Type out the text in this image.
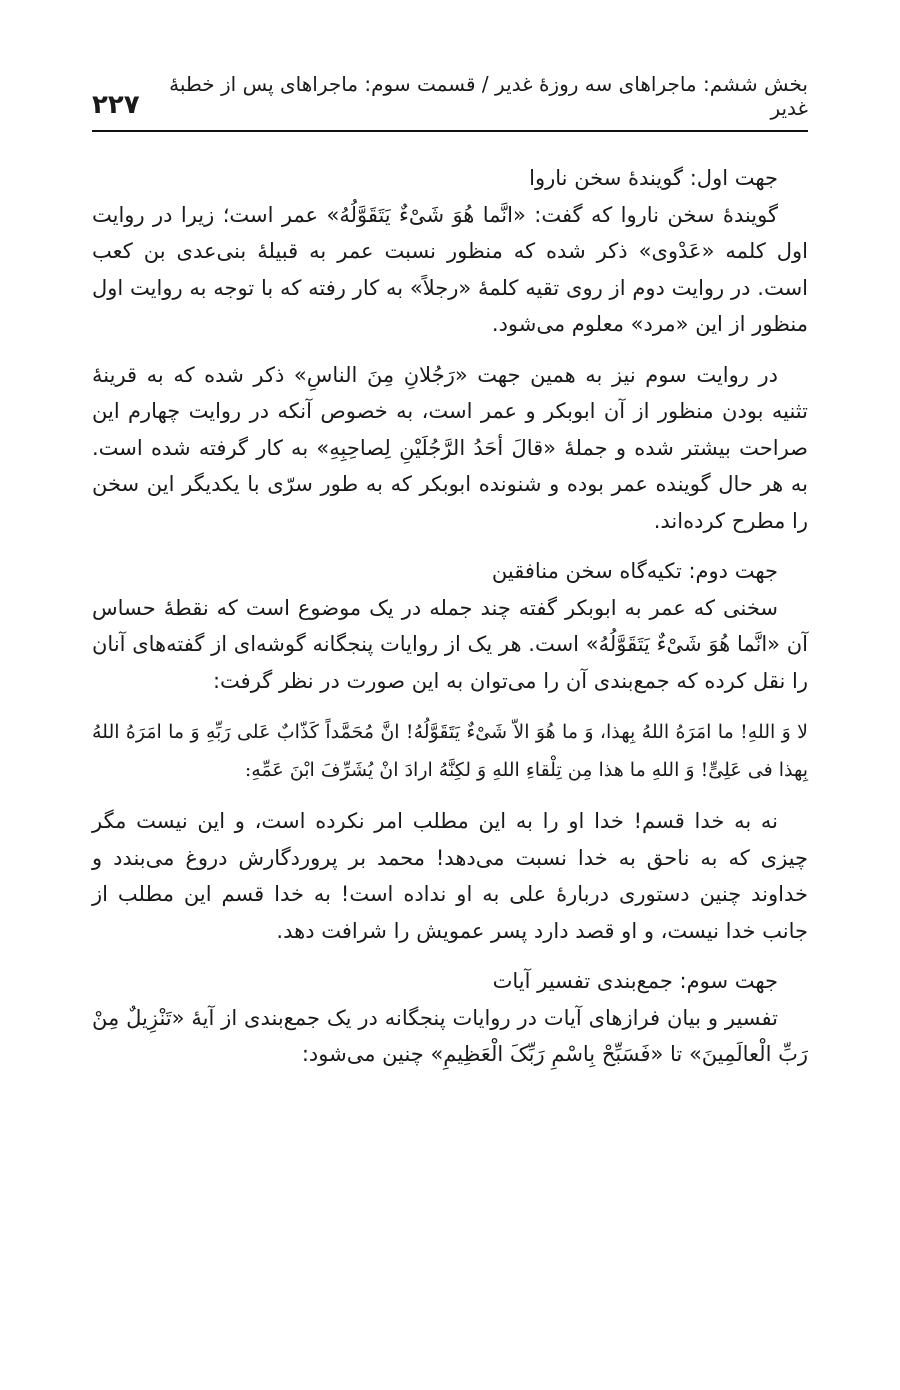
بخش ششم: ماجراهای سه روزهٔ غدیر / قسمت سوم: ماجراهای پس از خطبهٔ غدیر
۲۲۷
جهت اول: گویندهٔ سخن ناروا

گویندهٔ سخن ناروا که گفت: «انَّما هُوَ شَیْءٌ یَتَقَوَّلُهُ» عمر است؛ زیرا در روایت اول کلمه «عَدْوی» ذکر شده که منظور نسبت عمر به قبیلهٔ بنی‌عدی بن کعب است. در روایت دوم از روی تقیه کلمهٔ «رجلاً» به کار رفته که با توجه به روایت اول منظور از این «مرد» معلوم می‌شود.

در روایت سوم نیز به همین جهت «رَجُلانِ مِنَ الناسِ» ذکر شده که به قرینهٔ تثنیه بودن منظور از آن ابوبکر و عمر است، به خصوص آنکه در روایت چهارم این صراحت بیشتر شده و جملهٔ «قالَ أحَدُ الرَّجُلَیْنِ لِصاحِبِهِ» به کار گرفته شده است. به هر حال گوینده عمر بوده و شنونده ابوبکر که به طور سرّی با یکدیگر این سخن را مطرح کرده‌اند.

جهت دوم: تکیه‌گاه سخن منافقین

سخنی که عمر به ابوبکر گفته چند جمله در یک موضوع است که نقطهٔ حساس آن «انَّما هُوَ شَیْءٌ یَتَقَوَّلُهُ» است. هر یک از روایات پنجگانه گوشه‌ای از گفته‌های آنان را نقل کرده که جمع‌بندی آن را می‌توان به این صورت در نظر گرفت:

لا وَ اللهِ! ما امَرَهُ اللهُ بِهذا، وَ ما هُوَ الاّ شَیْءٌ یَتَقَوَّلُهُ! انَّ مُحَمَّداً کَذّابٌ عَلی رَبِّهِ وَ ما امَرَهُ اللهُ بِهذا فی عَلِیٍّ! وَ اللهِ ما هذا مِن تِلْقاءِ اللهِ وَ لکِنَّهُ ارادَ انْ یُشَرِّفَ ابْنَ عَمِّهِ:

نه به خدا قسم! خدا او را به این مطلب امر نکرده است، و این نیست مگر چیزی که به ناحق به خدا نسبت می‌دهد! محمد بر پروردگارش دروغ می‌بندد و خداوند چنین دستوری دربارهٔ علی به او نداده است! به خدا قسم این مطلب از جانب خدا نیست، و او قصد دارد پسر عمویش را شرافت دهد.

جهت سوم: جمع‌بندی تفسیر آیات

تفسیر و بیان فرازهای آیات در روایات پنجگانه در یک جمع‌بندی از آیهٔ «تَنْزِیلٌ مِنْ رَبِّ الْعالَمِینَ» تا «فَسَبِّحْ بِاسْمِ رَبِّکَ الْعَظِیمِ» چنین می‌شود:
